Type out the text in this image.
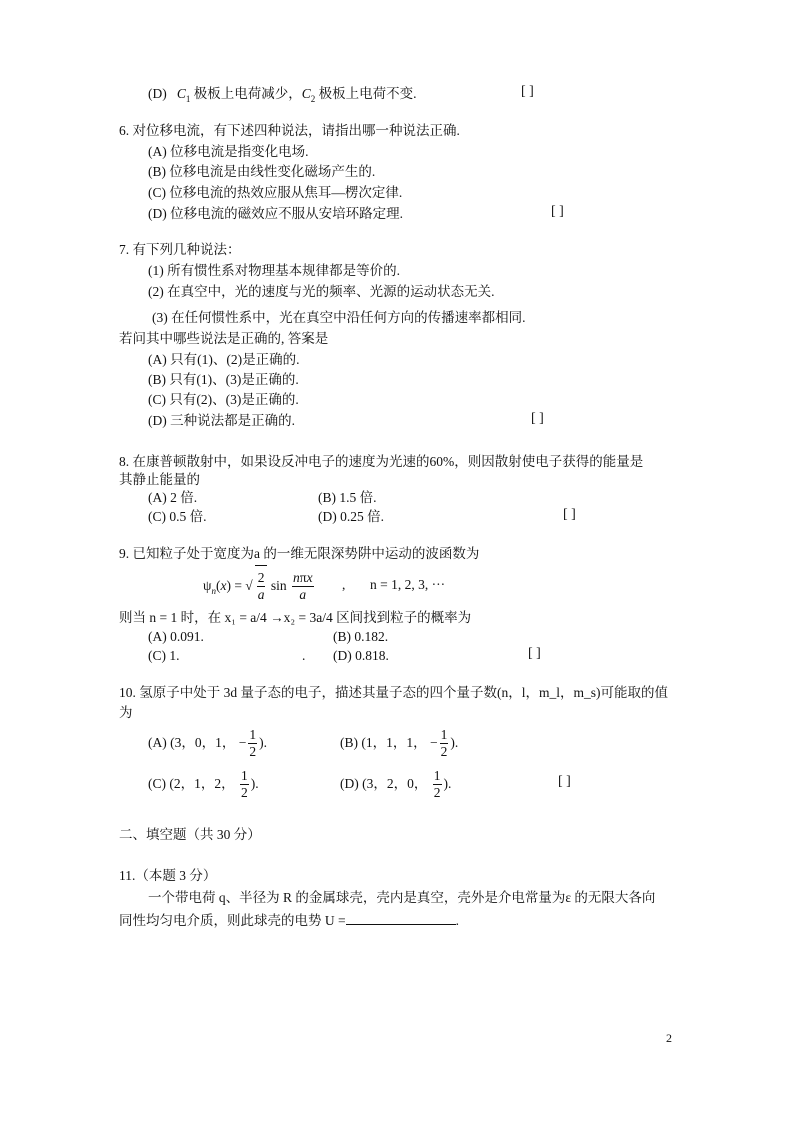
(D) $C_1$ 极板上电荷减少，$C_2$ 极板上电荷不变.	[ ]
6. 对位移电流，有下述四种说法，请指出哪一种说法正确.
(A) 位移电流是指变化电场.
(B) 位移电流是由线性变化磁场产生的.
(C) 位移电流的热效应服从焦耳—楞次定律.
(D) 位移电流的磁效应不服从安培环路定理.	[ ]
7. 有下列几种说法：
(1) 所有惯性系对物理基本规律都是等价的.
(2) 在真空中，光的速度与光的频率、光源的运动状态无关.
(3) 在任何惯性系中，光在真空中沿任何方向的传播速率都相同.
若问其中哪些说法是正确的, 答案是
(A) 只有(1)、(2)是正确的.
(B) 只有(1)、(3)是正确的.
(C) 只有(2)、(3)是正确的.
(D) 三种说法都是正确的.	[ ]
8. 在康普顿散射中，如果设反冲电子的速度为光速的60%，则因散射使电子获得的能量是
其静止能量的
(A) 2 倍.	(B) 1.5 倍.
(C) 0.5 倍.	(D) 0.25 倍.	[ ]
9. 已知粒子处于宽度为a 的一维无限深势阱中运动的波函数为
$\psi_n(x)$ = √ $\frac{2}{a}$ $\sin \frac{\text{nπx}}{a}$ , n = 1, 2, 3, ···
则当 n = 1 时，在 x₁ = a/4 →x₂ = 3a/4 区间找到粒子的概率为
(A) 0.091.	(B) 0.182.
(C) 1.	. (D) 0.818.	[ ]
10. 氢原子中处于 3d 量子态的电子，描述其量子态的四个量子数(n，l，m_l，m_s)可能取的值
为
(A) (3，0，1， − $\frac{1}{2}$ ).	(B) (1，1，1， − $\frac{1}{2}$ ).
(C) (2，1，2， $\frac{1}{2}$ ).	(D) (3，2，0， $\frac{1}{2}$ ).	[ ]
二、填空题（共 30 分）
11.（本题 3 分）
一个带电荷 q、半径为 R 的金属球壳，壳内是真空，壳外是介电常量为ε 的无限大各向
同性均匀电介质，则此球壳的电势 U =	.
2
